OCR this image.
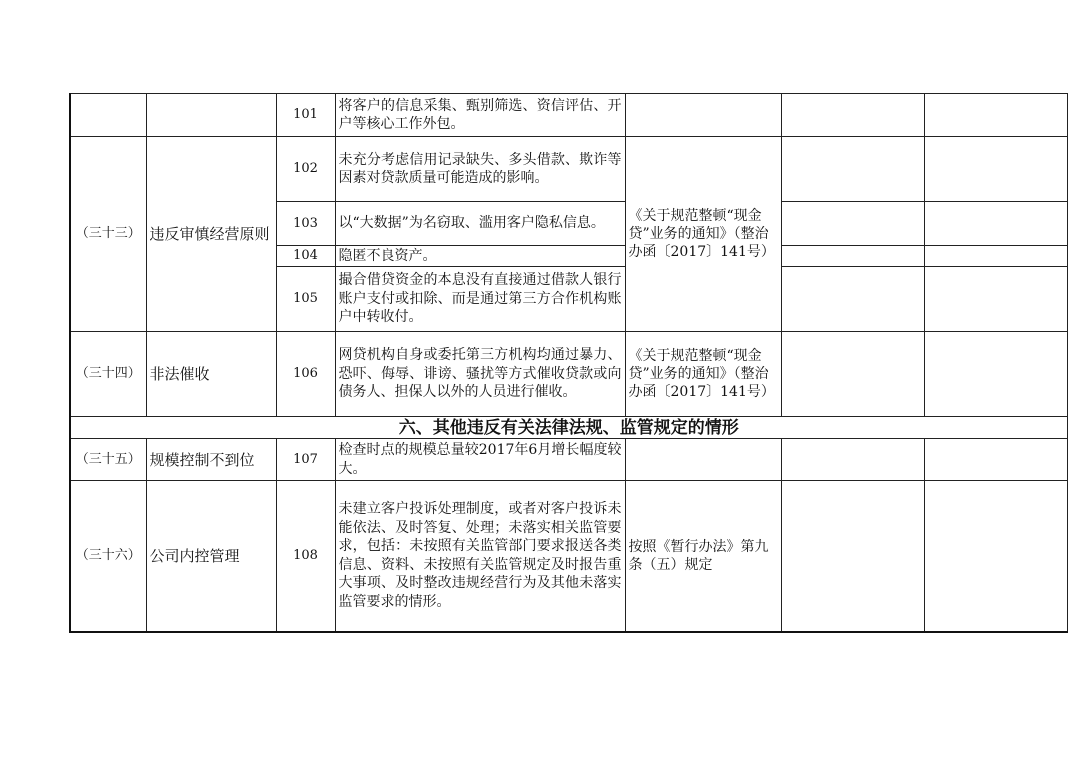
		101	将客户的信息采集、甄别筛选、资信评估、开户等核心工作外包。			
（三十三）	违反审慎经营原则	102	未充分考虑信用记录缺失、多头借款、欺诈等因素对贷款质量可能造成的影响。	《关于规范整顿“现金贷”业务的通知》（整治办函〔2017〕141号）		
		103	以“大数据”为名窃取、滥用客户隐私信息。			
		104	隐匿不良资产。			
		105	撮合借贷资金的本息没有直接通过借款人银行账户支付或扣除、而是通过第三方合作机构账户中转收付。			
（三十四）	非法催收	106	网贷机构自身或委托第三方机构均通过暴力、恐吓、侮辱、诽谤、骚扰等方式催收贷款或向债务人、担保人以外的人员进行催收。	《关于规范整顿“现金贷”业务的通知》（整治办函〔2017〕141号）		
六、其他违反有关法律法规、监管规定的情形						
（三十五）	规模控制不到位	107	检查时点的规模总量较2017年6月增长幅度较大。			
（三十六）	公司内控管理	108	未建立客户投诉处理制度，或者对客户投诉未能依法、及时答复、处理；未落实相关监管要求，包括：未按照有关监管部门要求报送各类信息、资料、未按照有关监管规定及时报告重大事项、及时整改违规经营行为及其他未落实监管要求的情形。	按照《暂行办法》第九条（五）规定		
